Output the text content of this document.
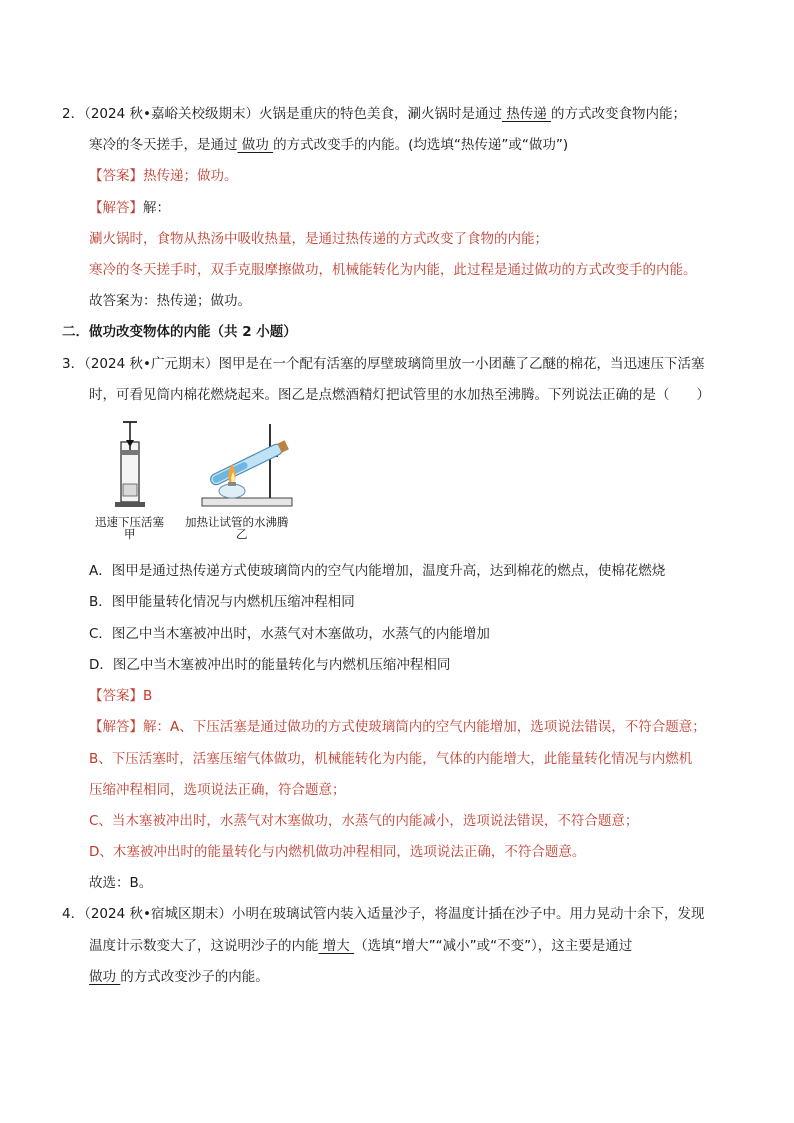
2．（2024 秋•嘉峪关校级期末）火锅是重庆的特色美食，涮火锅时是通过 热传递 的方式改变食物内能；
寒冷的冬天搓手，是通过 做功 的方式改变手的内能。(均选填“热传递”或“做功”)
【答案】热传递；做功。
【解答】解：
涮火锅时，食物从热汤中吸收热量，是通过热传递的方式改变了食物的内能；
寒冷的冬天搓手时，双手克服摩擦做功，机械能转化为内能，此过程是通过做功的方式改变手的内能。
故答案为：热传递；做功。
二．做功改变物体的内能（共 2 小题）
3．（2024 秋•广元期末）图甲是在一个配有活塞的厚壁玻璃筒里放一小团蘸了乙醚的棉花，当迅速压下活塞
时，可看见筒内棉花燃烧起来。图乙是点燃酒精灯把试管里的水加热至沸腾。下列说法正确的是（　　）
迅速下压活塞
甲
加热让试管的水沸腾
乙
A．图甲是通过热传递方式使玻璃筒内的空气内能增加，温度升高，达到棉花的燃点，使棉花燃烧
B．图甲能量转化情况与内燃机压缩冲程相同
C．图乙中当木塞被冲出时，水蒸气对木塞做功，水蒸气的内能增加
D．图乙中当木塞被冲出时的能量转化与内燃机压缩冲程相同
【答案】B
【解答】解：A、下压活塞是通过做功的方式使玻璃筒内的空气内能增加，选项说法错误，不符合题意；
B、下压活塞时，活塞压缩气体做功，机械能转化为内能，气体的内能增大，此能量转化情况与内燃机
压缩冲程相同，选项说法正确，符合题意；
C、当木塞被冲出时，水蒸气对木塞做功，水蒸气的内能减小，选项说法错误，不符合题意；
D、木塞被冲出时的能量转化与内燃机做功冲程相同，选项说法正确，不符合题意。
故选：B。
4．（2024 秋•宿城区期末）小明在玻璃试管内装入适量沙子，将温度计插在沙子中。用力晃动十余下，发现
温度计示数变大了，这说明沙子的内能 增大 （选填“增大”“减小”或“不变”），这主要是通过
做功 的方式改变沙子的内能。
